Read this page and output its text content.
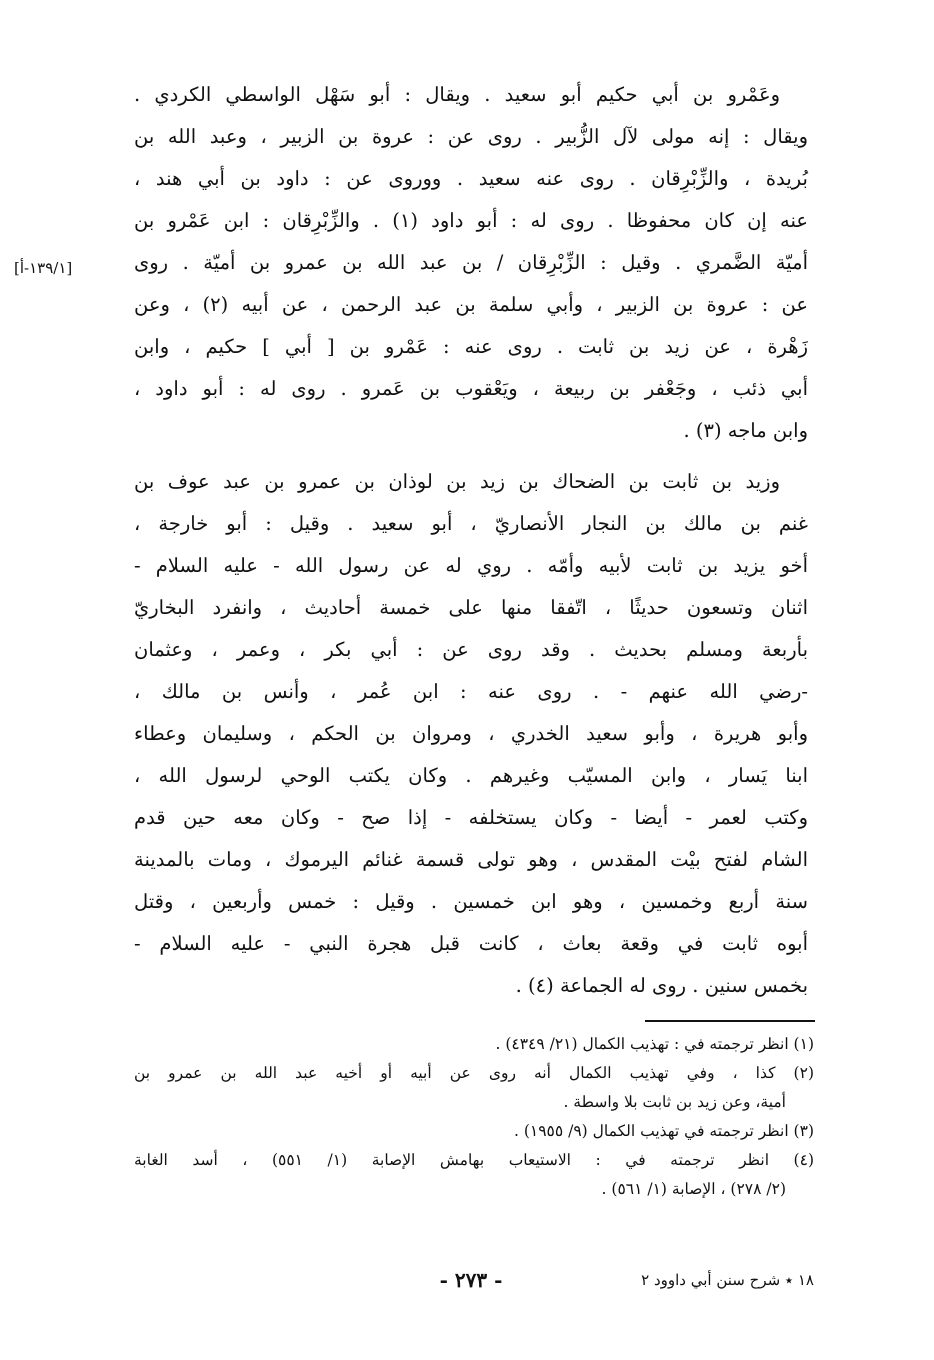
وعَمْرو بن أبي حكيم أبو سعيد . ويقال : أبو سَهْل الواسطي الكردي .
ويقال : إنه مولى لآل الزُّبير . روى عن : عروة بن الزبير ، وعبد الله بن
بُريدة ، والزِّبْرِقان . روى عنه سعيد . ووروى عن : داود بن أبي هند ،
عنه إن كان محفوظا . روى له : أبو داود (١) . والزِّبْرِقان : ابن عَمْرو بن
أميّة الضَّمري . وقيل : الزِّبْرِقان / بن عبد الله بن عمرو بن أميّة . روى
عن : عروة بن الزبير ، وأبي سلمة بن عبد الرحمن ، عن أبيه (٢) ، وعن
زَهْرة ، عن زيد بن ثابت . روى عنه : عَمْرو بن [ أبي ] حكيم ، وابن
أبي ذئب ، وجَعْفر بن ربيعة ، ويَعْقوب بن عَمرو . روى له : أبو داود ،
وابن ماجه (٣) .
[١٣٩/١-أ]
وزيد بن ثابت بن الضحاك بن زيد بن لوذان بن عمرو بن عبد عوف بن
غنم بن مالك بن النجار الأنصاريّ ، أبو سعيد . وقيل : أبو خارجة ،
أخو يزيد بن ثابت لأبيه وأمّه . روي له عن رسول الله - عليه السلام -
اثنان وتسعون حديثًا ، اتّفقا منها على خمسة أحاديث ، وانفرد البخاريّ
بأربعة ومسلم بحديث . وقد روى عن : أبي بكر ، وعمر ، وعثمان
-رضي الله عنهم - . روى عنه : ابن عُمر ، وأنس بن مالك ،
وأبو هريرة ، وأبو سعيد الخدري ، ومروان بن الحكم ، وسليمان وعطاء
ابنا يَسار ، وابن المسيّب وغيرهم . وكان يكتب الوحي لرسول الله ،
وكتب لعمر - أيضا - وكان يستخلفه - إذا صح - وكان معه حين قدم
الشام لفتح بيْت المقدس ، وهو تولى قسمة غنائم اليرموك ، ومات بالمدينة
سنة أربع وخمسين ، وهو ابن خمسين . وقيل : خمس وأربعين ، وقتل
أبوه ثابت في وقعة بعاث ، كانت قبل هجرة النبي - عليه السلام -
بخمس سنين . روى له الجماعة (٤) .
(١) انظر ترجمته في : تهذيب الكمال (٢١/ ٤٣٤٩) .
(٢) كذا ، وفي تهذيب الكمال أنه روى عن أبيه أو أخيه عبد الله بن عمرو بن
أمية، وعن زيد بن ثابت بلا واسطة .
(٣) انظر ترجمته في تهذيب الكمال (٩/ ١٩٥٥) .
(٤) انظر ترجمته في : الاستيعاب بهامش الإصابة (١/ ٥٥١) ، أسد الغابة
(٢/ ٢٧٨) ، الإصابة (١/ ٥٦١) .
- ٢٧٣ -	١٨ ٭ شرح سنن أبي داوود ٢
